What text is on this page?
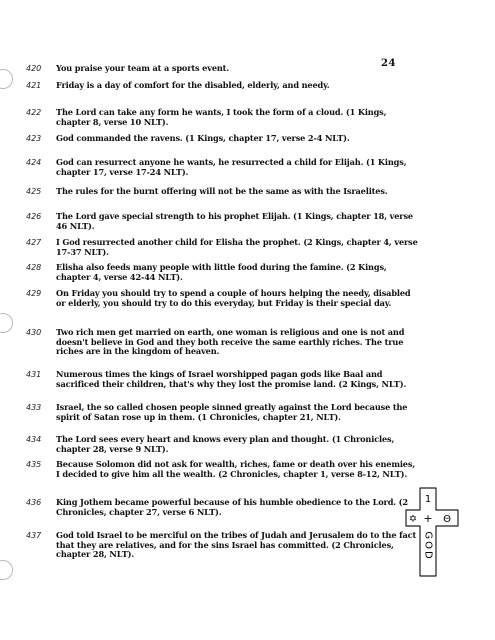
24
420	You praise your team at a sports event.
421	Friday is a day of comfort for the disabled, elderly, and needy.
422	The Lord can take any form he wants, I took the form of a cloud. (1 Kings, chapter 8, verse 10 NLT).
423	God commanded the ravens. (1 Kings, chapter 17, verse 2-4 NLT).
424	God can resurrect anyone he wants, he resurrected a child for Elijah. (1 Kings, chapter 17, verse 17-24 NLT).
425	The rules for the burnt offering will not be the same as with the Israelites.
426	The Lord gave special strength to his prophet Elijah. (1 Kings, chapter 18, verse 46 NLT).
427	I God resurrected another child for Elisha the prophet. (2 Kings, chapter 4, verse 17-37 NLT).
428	Elisha also feeds many people with little food during the famine. (2 Kings, chapter 4, verse 42-44 NLT).
429	On Friday you should try to spend a couple of hours helping the needy, disabled or elderly, you should try to do this everyday, but Friday is their special day.
430	Two rich men get married on earth, one woman is religious and one is not and doesn't believe in God and they both receive the same earthly riches. The true riches are in the kingdom of heaven.
431	Numerous times the kings of Israel worshipped pagan gods like Baal and sacrificed their children, that's why they lost the promise land. (2 Kings, NLT).
433	Israel, the so called chosen people sinned greatly against the Lord because the spirit of Satan rose up in them. (1 Chronicles, chapter 21, NLT).
434	The Lord sees every heart and knows every plan and thought. (1 Chronicles, chapter 28, verse 9 NLT).
435	Because Solomon did not ask for wealth, riches, fame or death over his enemies, I decided to give him all the wealth. (2 Chronicles, chapter 1, verse 8-12, NLT).
436	King Jothem became powerful because of his humble obedience to the Lord. (2 Chronicles, chapter 27, verse 6 NLT).
437	God told Israel to be merciful on the tribes of Judah and Jerusalem do to the fact that they are relatives, and for the sins Israel has committed. (2 Chronicles, chapter 28, NLT).
1
✡ + Θ
GOD
